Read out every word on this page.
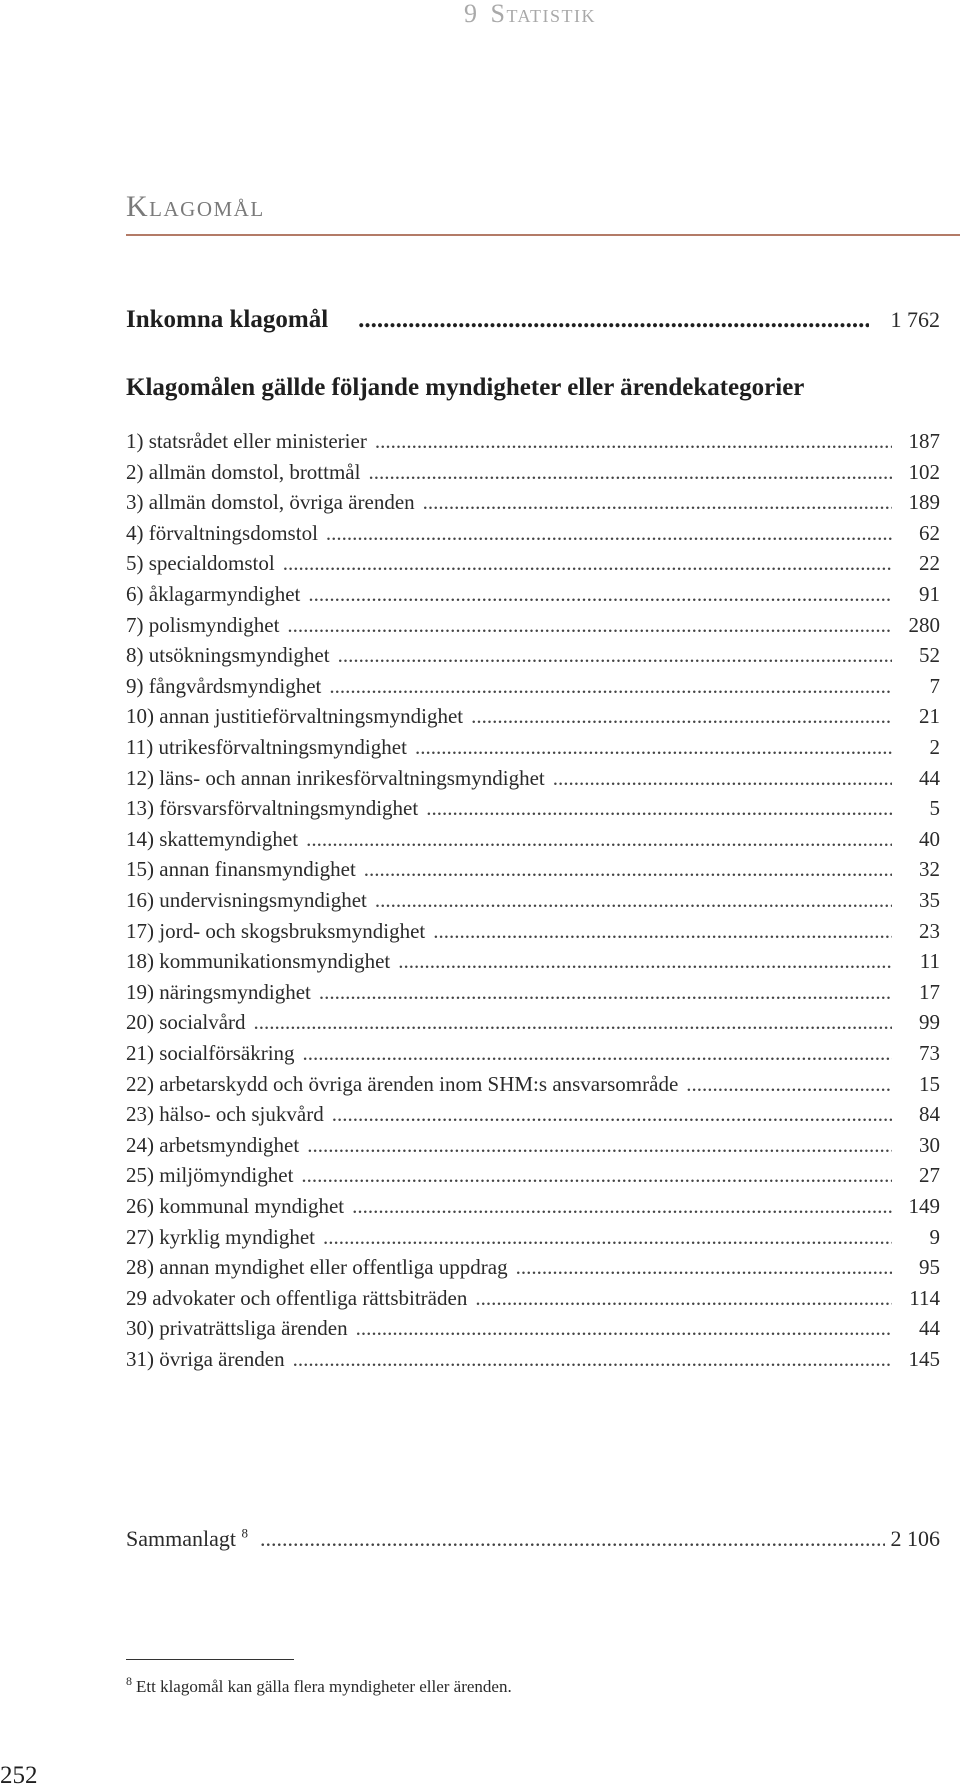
9 Statistik
Klagomål
Inkomna klagomål .....	1 762
Klagomålen gällde följande myndigheter eller ärendekategorier
1) statsrådet eller ministerier .....	187
2) allmän domstol, brottmål .....	102
3) allmän domstol, övriga ärenden .....	189
4) förvaltningsdomstol .....	62
5) specialdomstol .....	22
6) åklagarmyndighet .....	91
7) polismyndighet .....	280
8) utsökningsmyndighet .....	52
9) fångvårdsmyndighet .....	7
10) annan justitieförvaltningsmyndighet .....	21
11) utrikesförvaltningsmyndighet .....	2
12) läns- och annan inrikesförvaltningsmyndighet .....	44
13) försvarsförvaltningsmyndighet .....	5
14) skattemyndighet .....	40
15) annan finansmyndighet .....	32
16) undervisningsmyndighet .....	35
17) jord- och skogsbruksmyndighet .....	23
18) kommunikationsmyndighet .....	11
19) näringsmyndighet .....	17
20) socialvård .....	99
21) socialförsäkring .....	73
22) arbetarskydd och övriga ärenden inom SHM:s ansvarsområde .....	15
23) hälso- och sjukvård .....	84
24) arbetsmyndighet .....	30
25) miljömyndighet .....	27
26) kommunal myndighet .....	149
27) kyrklig myndighet .....	9
28) annan myndighet eller offentliga uppdrag .....	95
29 advokater och offentliga rättsbiträden .....	114
30) privaträttsliga ärenden .....	44
31) övriga ärenden .....	145
Sammanlagt $^8$ .....	2 106
$^8$ Ett klagomål kan gälla flera myndigheter eller ärenden.
252
